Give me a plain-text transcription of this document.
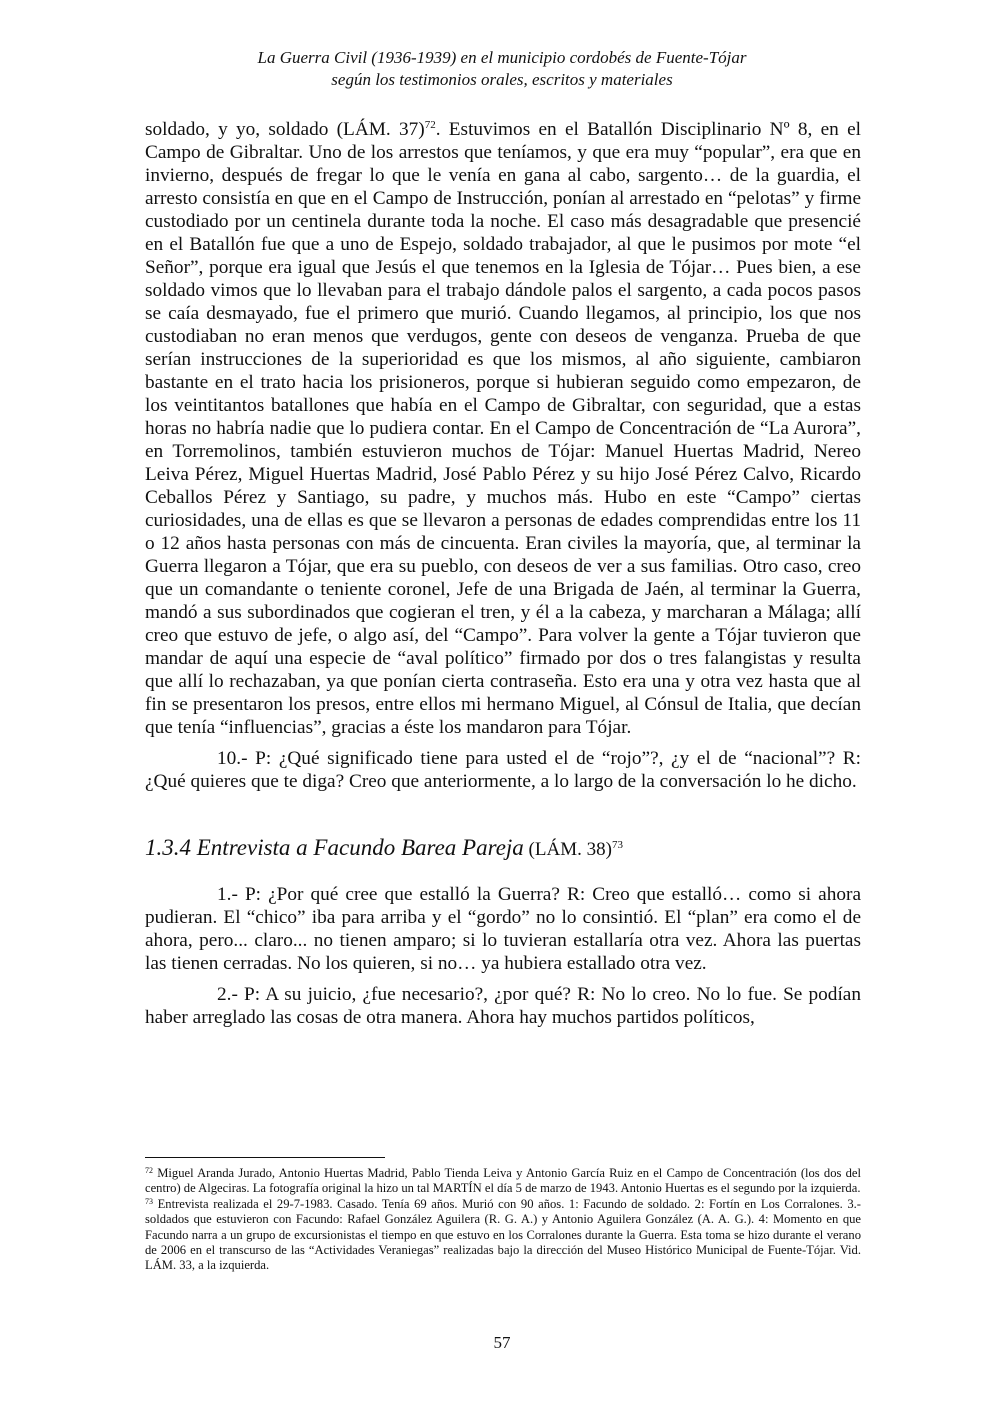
La Guerra Civil (1936-1939) en el municipio cordobés de Fuente-Tójar
según los testimonios orales, escritos y materiales

soldado, y yo, soldado (LÁM. 37)$^{72}$. Estuvimos en el Batallón Disciplinario Nº 8, en el Campo de Gibraltar. Uno de los arrestos que teníamos, y que era muy “popular”, era que en invierno, después de fregar lo que le venía en gana al cabo, sargento… de la guardia, el arresto consistía en que en el Campo de Instrucción, ponían al arrestado en “pelotas” y firme custodiado por un centinela durante toda la noche. El caso más desagradable que presencié en el Batallón fue que a uno de Espejo, soldado trabajador, al que le pusimos por mote “el Señor”, porque era igual que Jesús el que tenemos en la Iglesia de Tójar… Pues bien, a ese soldado vimos que lo llevaban para el trabajo dándole palos el sargento, a cada pocos pasos se caía desmayado, fue el primero que murió. Cuando llegamos, al principio, los que nos custodiaban no eran menos que verdugos, gente con deseos de venganza. Prueba de que serían instrucciones de la superioridad es que los mismos, al año siguiente, cambiaron bastante en el trato hacia los prisioneros, porque si hubieran seguido como empezaron, de los veintitantos batallones que había en el Campo de Gibraltar, con seguridad, que a estas horas no habría nadie que lo pudiera contar. En el Campo de Concentración de “La Aurora”, en Torremolinos, también estuvieron muchos de Tójar: Manuel Huertas Madrid, Nereo Leiva Pérez, Miguel Huertas Madrid, José Pablo Pérez y su hijo José Pérez Calvo, Ricardo Ceballos Pérez y Santiago, su padre, y muchos más. Hubo en este “Campo” ciertas curiosidades, una de ellas es que se llevaron a personas de edades comprendidas entre los 11 o 12 años hasta personas con más de cincuenta. Eran civiles la mayoría, que, al terminar la Guerra llegaron a Tójar, que era su pueblo, con deseos de ver a sus familias. Otro caso, creo que un comandante o teniente coronel, Jefe de una Brigada de Jaén, al terminar la Guerra, mandó a sus subordinados que cogieran el tren, y él a la cabeza, y marcharan a Málaga; allí creo que estuvo de jefe, o algo así, del “Campo”. Para volver la gente a Tójar tuvieron que mandar de aquí una especie de “aval político” firmado por dos o tres falangistas y resulta que allí lo rechazaban, ya que ponían cierta contraseña. Esto era una y otra vez hasta que al fin se presentaron los presos, entre ellos mi hermano Miguel, al Cónsul de Italia, que decían que tenía “influencias”, gracias a éste los mandaron para Tójar.

10.- P: ¿Qué significado tiene para usted el de “rojo”?, ¿y el de “nacional”? R: ¿Qué quieres que te diga? Creo que anteriormente, a lo largo de la conversación lo he dicho.

1.3.4 Entrevista a Facundo Barea Pareja (LÁM. 38)$^{73}$

1.- P: ¿Por qué cree que estalló la Guerra? R: Creo que estalló… como si ahora pudieran. El “chico” iba para arriba y el “gordo” no lo consintió. El “plan” era como el de ahora, pero... claro... no tienen amparo; si lo tuvieran estallaría otra vez. Ahora las puertas las tienen cerradas. No los quieren, si no… ya hubiera estallado otra vez.

2.- P: A su juicio, ¿fue necesario?, ¿por qué? R: No lo creo. No lo fue. Se podían haber arreglado las cosas de otra manera. Ahora hay muchos partidos políticos,

$^{72}$ Miguel Aranda Jurado, Antonio Huertas Madrid, Pablo Tienda Leiva y Antonio García Ruiz en el Campo de Concentración (los dos del centro) de Algeciras. La fotografía original la hizo un tal MARTÍN el día 5 de marzo de 1943. Antonio Huertas es el segundo por la izquierda.

$^{73}$ Entrevista realizada el 29-7-1983. Casado. Tenía 69 años. Murió con 90 años. 1: Facundo de soldado. 2: Fortín en Los Corralones. 3.- soldados que estuvieron con Facundo: Rafael González Aguilera (R. G. A.) y Antonio Aguilera González (A. A. G.). 4: Momento en que Facundo narra a un grupo de excursionistas el tiempo en que estuvo en los Corralones durante la Guerra. Esta toma se hizo durante el verano de 2006 en el transcurso de las “Actividades Veraniegas” realizadas bajo la dirección del Museo Histórico Municipal de Fuente-Tójar. Vid. LÁM. 33, a la izquierda.

57
